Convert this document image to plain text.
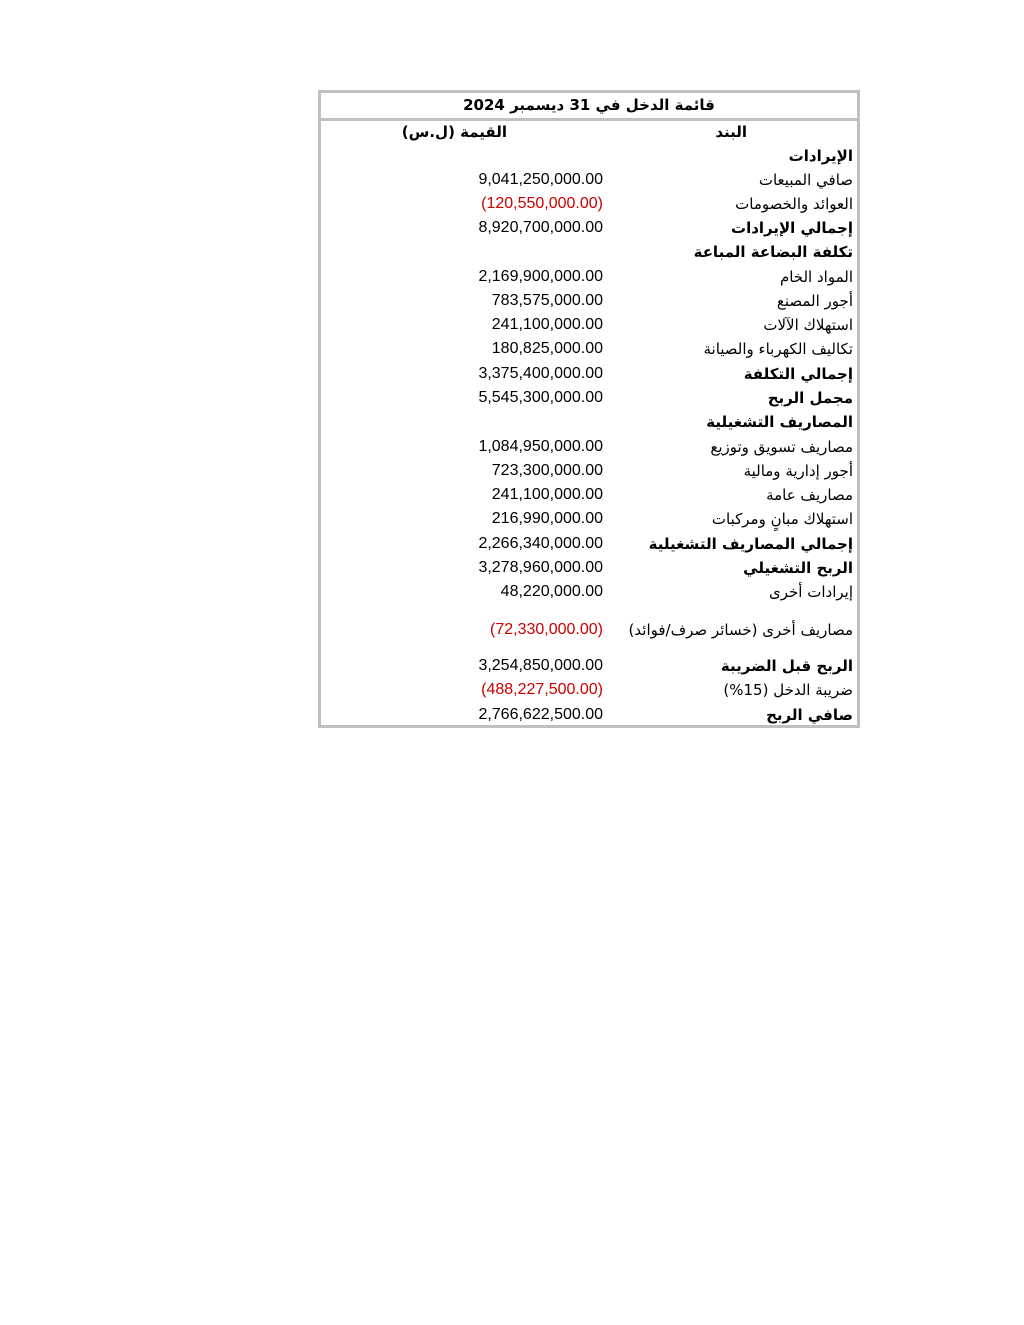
قائمة الدخل في 31 ديسمبر 2024
البند
القيمة (ل.س)
الإيرادات
صافي المبيعات
9,041,250,000.00
العوائد والخصومات
(120,550,000.00)
إجمالي الإيرادات
8,920,700,000.00
تكلفة البضاعة المباعة
المواد الخام
2,169,900,000.00
أجور المصنع
783,575,000.00
استهلاك الآلات
241,100,000.00
تكاليف الكهرباء والصيانة
180,825,000.00
إجمالي التكلفة
3,375,400,000.00
مجمل الربح
5,545,300,000.00
المصاريف التشغيلية
مصاريف تسويق وتوزيع
1,084,950,000.00
أجور إدارية ومالية
723,300,000.00
مصاريف عامة
241,100,000.00
استهلاك مبانٍ ومركبات
216,990,000.00
إجمالي المصاريف التشغيلية
2,266,340,000.00
الربح التشغيلي
3,278,960,000.00
إيرادات أخرى
48,220,000.00
مصاريف أخرى (خسائر صرف/فوائد)
(72,330,000.00)
الربح قبل الضريبة
3,254,850,000.00
ضريبة الدخل (15%)
(488,227,500.00)
صافي الربح
2,766,622,500.00
